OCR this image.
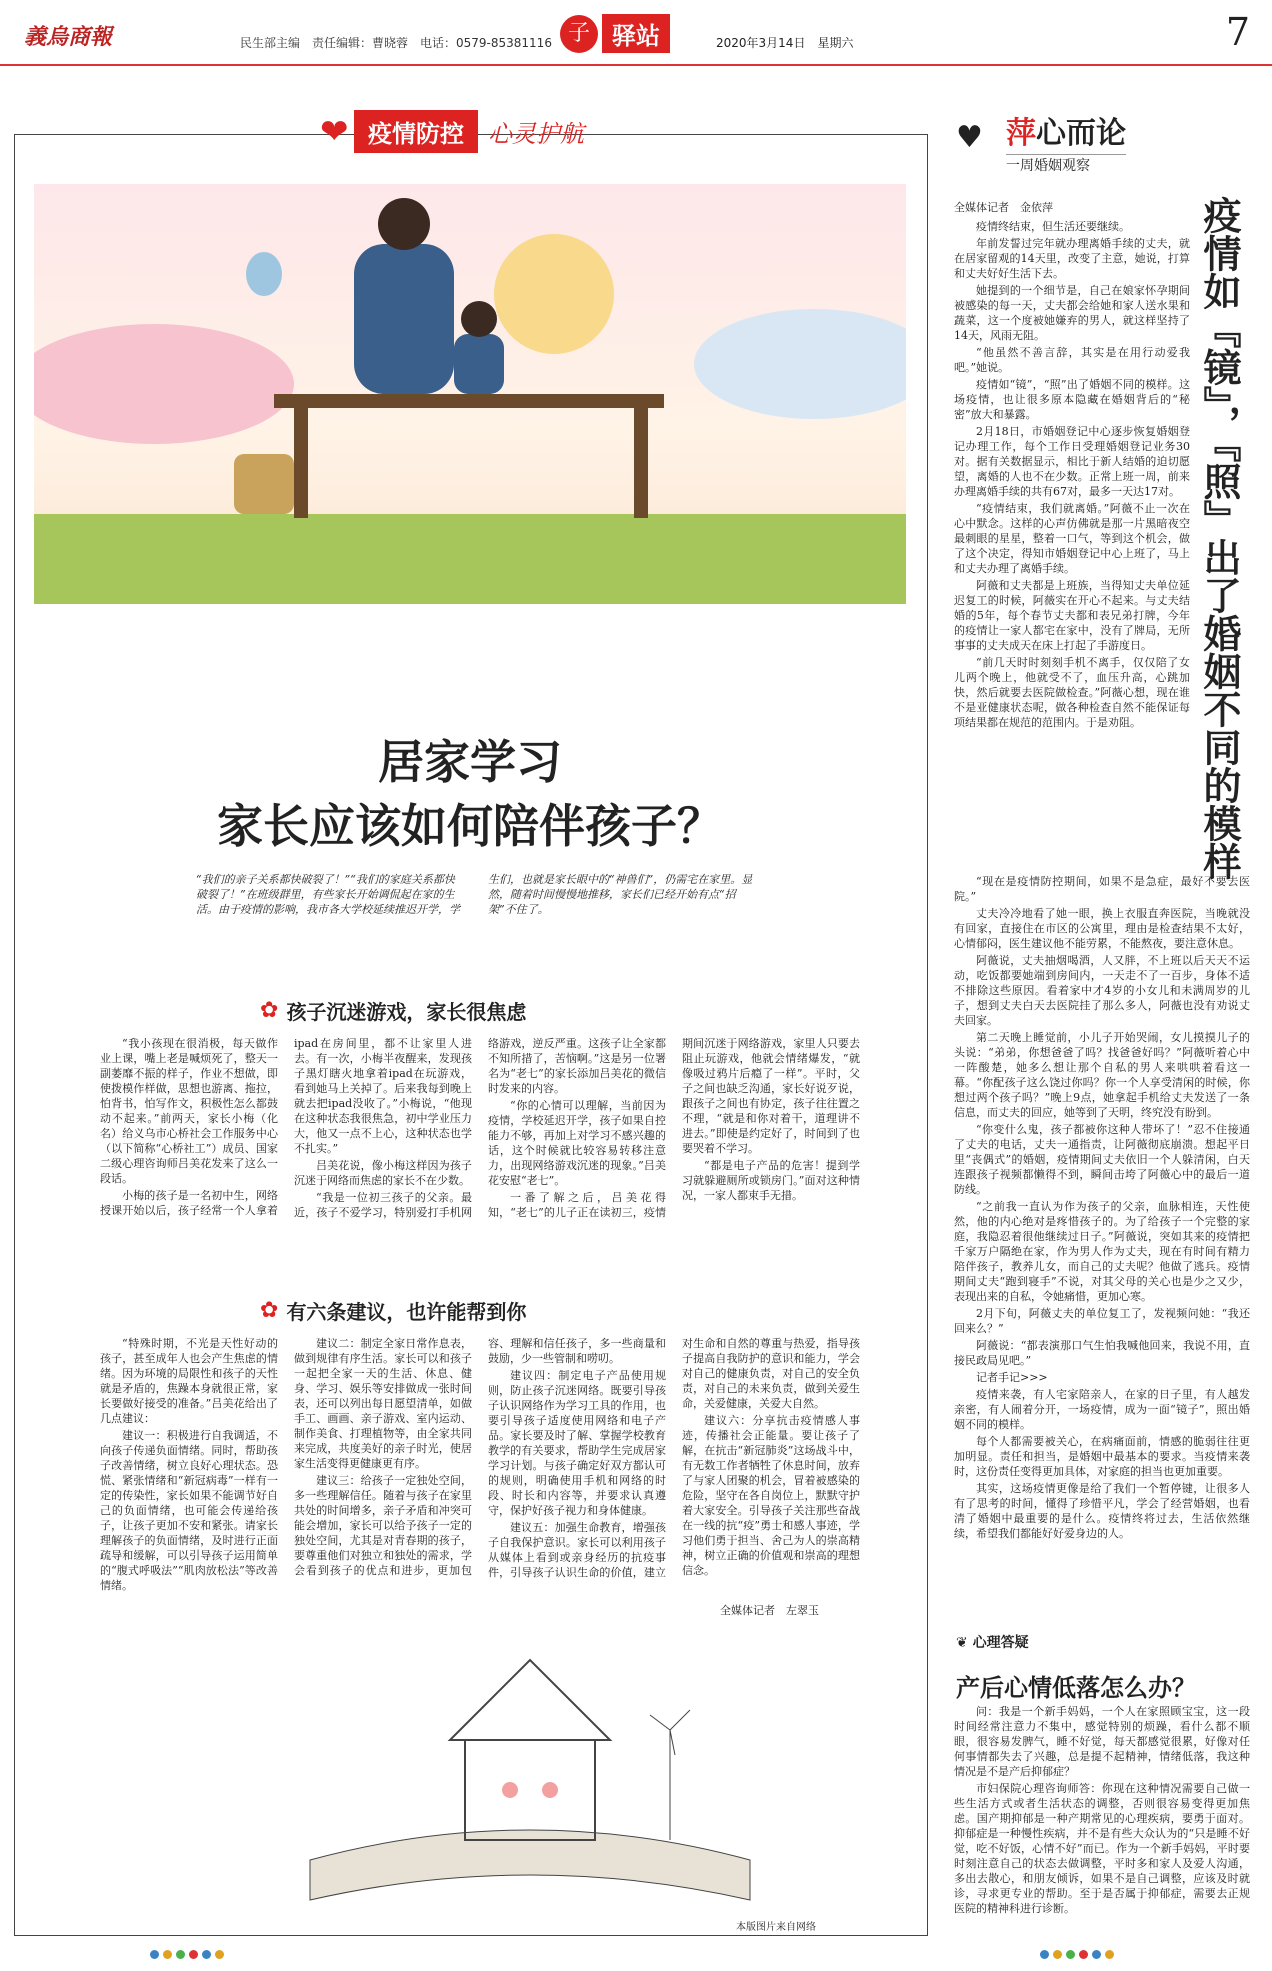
義烏商報	民生部主编　责任编辑：曹晓蓉　电话：0579-85381116 子 驿站	2020年3月14日　星期六	7
❤ 疫情防控	心灵护航
居家学习
家长应该如何陪伴孩子？
“我们的亲子关系都快破裂了！”“我们的家庭关系都快破裂了！”在班级群里，有些家长开始调侃起在家的生活。由于疫情的影响，我市各大学校延续推迟开学，学生们，也就是家长眼中的“神兽们”，仍需宅在家里。显然，随着时间慢慢地推移，家长们已经开始有点“招架”不住了。
✿ 孩子沉迷游戏，家长很焦虑

“我小孩现在很消极，每天做作业上课，嘴上老是喊烦死了，整天一副萎靡不振的样子，作业不想做，即使拨模作样做，思想也游离、拖拉，怕背书，怕写作文，积极性怎么都鼓动不起来。”前两天，家长小梅（化名）给义乌市心桥社会工作服务中心（以下简称“心桥社工”）成员、国家二级心理咨询师吕美花发来了这么一段话。

小梅的孩子是一名初中生，网络授课开始以后，孩子经常一个人拿着ipad在房间里，都不让家里人进去。有一次，小梅半夜醒来，发现孩子黑灯瞎火地拿着ipad在玩游戏，看到她马上关掉了。后来我每到晚上就去把ipad没收了。”小梅说，“他现在这种状态我很焦急，初中学业压力大，他又一点不上心，这种状态也学不扎实。”

吕美花说，像小梅这样因为孩子沉迷于网络而焦虑的家长不在少数。

“我是一位初三孩子的父亲。最近，孩子不爱学习，特别爱打手机网络游戏，逆反严重。这孩子让全家都不知所措了，苦恼啊。”这是另一位署名为“老七”的家长添加吕美花的微信时发来的内容。

“你的心情可以理解，当前因为疫情，学校延迟开学，孩子如果自控能力不够，再加上对学习不感兴趣的话，这个时候就比较容易转移注意力，出现网络游戏沉迷的现象。”吕美花安慰“老七”。

一番了解之后，吕美花得知，“老七”的儿子正在读初三，疫情期间沉迷于网络游戏，家里人只要去阻止玩游戏，他就会情绪爆发，“就像吸过鸦片后瘾了一样”。平时，父子之间也缺乏沟通，家长好说歹说，跟孩子之间也有协定，孩子往往置之不理，“就是和你对着干，道理讲不进去。”即使是约定好了，时间到了也要哭着不学习。

“都是电子产品的危害！提到学习就躲避厕所或锁房门。”面对这种情况，一家人都束手无措。

✿ 有六条建议，也许能帮到你

“特殊时期，不光是天性好动的孩子，甚至成年人也会产生焦虑的情绪。因为环境的局限性和孩子的天性就是矛盾的，焦躁本身就很正常，家长要做好接受的准备。”吕美花给出了几点建议：

建议一：积极进行自我调适，不向孩子传递负面情绪。同时，帮助孩子改善情绪，树立良好心理状态。恐慌、紧张情绪和“新冠病毒”一样有一定的传染性，家长如果不能调节好自己的负面情绪，也可能会传递给孩子，让孩子更加不安和紧张。请家长理解孩子的负面情绪，及时进行正面疏导和缓解，可以引导孩子运用简单的“腹式呼吸法”“肌肉放松法”等改善情绪。

建议二：制定全家日常作息表，做到规律有序生活。家长可以和孩子一起把全家一天的生活、休息、健身、学习、娱乐等安排做成一张时间表，还可以列出每日愿望清单，如做手工、画画、亲子游戏、室内运动、制作美食、打理植物等，由全家共同来完成，共度美好的亲子时光，使居家生活变得更健康更有序。

建议三：给孩子一定独处空间，多一些理解信任。随着与孩子在家里共处的时间增多，亲子矛盾和冲突可能会增加，家长可以给予孩子一定的独处空间，尤其是对青春期的孩子，要尊重他们对独立和独处的需求，学会看到孩子的优点和进步，更加包容、理解和信任孩子，多一些商量和鼓励，少一些管制和唠叨。

建议四：制定电子产品使用规则，防止孩子沉迷网络。既要引导孩子认识网络作为学习工具的作用，也要引导孩子适度使用网络和电子产品。家长要及时了解、掌握学校教育教学的有关要求，帮助学生完成居家学习计划。与孩子确定好双方都认可的规则，明确使用手机和网络的时段、时长和内容等，并要求认真遵守，保护好孩子视力和身体健康。

建议五：加强生命教育，增强孩子自我保护意识。家长可以利用孩子从媒体上看到或亲身经历的抗疫事件，引导孩子认识生命的价值，建立对生命和自然的尊重与热爱，指导孩子提高自我防护的意识和能力，学会对自己的健康负责，对自己的安全负责，对自己的未来负责，做到关爱生命，关爱健康，关爱大自然。

建议六：分享抗击疫情感人事迹，传播社会正能量。要让孩子了解，在抗击“新冠肺炎”这场战斗中，有无数工作者牺牲了休息时间，放弃了与家人团聚的机会，冒着被感染的危险，坚守在各自岗位上，默默守护着大家安全。引导孩子关注那些奋战在一线的抗“疫”勇士和感人事迹，学习他们勇于担当、舍己为人的崇高精神，树立正确的价值观和崇高的理想信念。

全媒体记者　左翠玉
本版图片来自网络
♥ 萍心而论
一周婚姻观察
疫情如『镜』，『照』出了婚姻不同的模样
全媒体记者　金依萍

疫情终结束，但生活还要继续。

年前发誓过完年就办理离婚手续的丈夫，就在居家留观的14天里，改变了主意，她说，打算和丈夫好好生活下去。

她提到的一个细节是，自己在娘家怀孕期间被感染的每一天，丈夫都会给她和家人送水果和蔬菜，这一个度被她嫌弃的男人，就这样坚持了14天，风雨无阻。

“他虽然不善言辞，其实是在用行动爱我吧。”她说。

疫情如“镜”，“照”出了婚姻不同的模样。这场疫情，也让很多原本隐藏在婚姻背后的“秘密”放大和暴露。

2月18日，市婚姻登记中心逐步恢复婚姻登记办理工作，每个工作日受理婚姻登记业务30对。据有关数据显示，相比于新人结婚的迫切愿望，离婚的人也不在少数。正常上班一周，前来办理离婚手续的共有67对，最多一天达17对。

“疫情结束，我们就离婚。”阿薇不止一次在心中默念。这样的心声仿佛就是那一片黑暗夜空最刺眼的星星，整着一口气，等到这个机会，做了这个决定，得知市婚姻登记中心上班了，马上和丈夫办理了离婚手续。

阿薇和丈夫都是上班族，当得知丈夫单位延迟复工的时候，阿薇实在开心不起来。与丈夫结婚的5年，每个春节丈夫都和表兄弟打牌，今年的疫情让一家人都宅在家中，没有了牌局，无所事事的丈夫成天在床上打起了手游度日。

“前几天时时刻刻手机不离手，仅仅陪了女儿两个晚上，他就受不了，血压升高，心跳加快，然后就要去医院做检查。”阿薇心想，现在谁不是亚健康状态呢，做各种检查自然不能保证每项结果都在规范的范围内。于是劝阻。

“现在是疫情防控期间，如果不是急症，最好不要去医院。”

丈夫冷冷地看了她一眼，换上衣服直奔医院，当晚就没有回家，直接住在市区的公寓里，理由是检查结果不太好，心情郁闷，医生建议他不能劳累，不能熬夜，要注意休息。

阿薇说，丈夫抽烟喝酒，人又胖，不上班以后天天不运动，吃饭都要她端到房间内，一天走不了一百步，身体不适不排除这些原因。看着家中才4岁的小女儿和未满周岁的儿子，想到丈夫白天去医院挂了那么多人，阿薇也没有劝说丈夫回家。

第二天晚上睡觉前，小儿子开始哭闹，女儿摸摸儿子的头说：“弟弟，你想爸爸了吗？找爸爸好吗？”阿薇听着心中一阵酸楚，她多么想让那个自私的男人来哄哄着看这一幕。“你配孩子这么饶过你吗？你一个人享受清闲的时候，你想过两个孩子吗？”晚上9点，她拿起手机给丈夫发送了一条信息，而丈夫的回应，她等到了天明，终究没有盼到。

“你变什么鬼，孩子都被你这种人带坏了！”忍不住接通了丈夫的电话，丈夫一通指责，让阿薇彻底崩溃。想起平日里“丧偶式”的婚姻，疫情期间丈夫依旧一个人躲清闲，白天连跟孩子视频都懒得不到，瞬间击垮了阿薇心中的最后一道防线。

“之前我一直认为作为孩子的父亲，血脉相连，天性使然，他的内心绝对是疼惜孩子的。为了给孩子一个完整的家庭，我隐忍着很他继续过日子。”阿薇说，突如其来的疫情把千家万户隔绝在家，作为男人作为丈夫，现在有时间有精力陪伴孩子，教养儿女，而自己的丈夫呢？他做了逃兵。疫情期间丈夫“跑到寝手”不说，对其父母的关心也是少之又少，表现出来的自私，令她痛惜，更加心寒。

2月下旬，阿薇丈夫的单位复工了，发视频问她：“我还回来么？”

阿薇说：“都表演那口气生怕我喊他回来，我说不用，直接民政局见吧。”

记者手记>>>

疫情来袭，有人宅家陪亲人，在家的日子里，有人越发亲密，有人闹着分开，一场疫情，成为一面“镜子”，照出婚姻不同的模样。

每个人都需要被关心，在病痛面前，情感的脆弱往往更加明显。责任和担当，是婚姻中最基本的要求。当疫情来袭时，这份责任变得更加具体，对家庭的担当也更加重要。

其实，这场疫情更像是给了我们一个暂停键，让很多人有了思考的时间，懂得了珍惜平凡，学会了经营婚姻，也看清了婚姻中最重要的是什么。疫情终将过去，生活依然继续，希望我们都能好好爱身边的人。

❦ 心理答疑
产后心情低落怎么办？

问：我是一个新手妈妈，一个人在家照顾宝宝，这一段时间经常注意力不集中，感觉特别的烦躁，看什么都不顺眼，很容易发脾气，睡不好觉，每天都感觉很累，好像对任何事情都失去了兴趣，总是提不起精神，情绪低落，我这种情况是不是产后抑郁症？

市妇保院心理咨询师答：你现在这种情况需要自己做一些生活方式或者生活状态的调整，否则很容易变得更加焦虑。国产期抑郁是一种产期常见的心理疾病，要勇于面对。抑郁症是一种慢性疾病，并不是有些大众认为的“只是睡不好觉，吃不好饭，心情不好”而已。作为一个新手妈妈，平时要时刻注意自己的状态去做调整，平时多和家人及爱人沟通，多出去散心，和朋友倾诉，如果不是自己调整，应该及时就诊，寻求更专业的帮助。至于是否属于抑郁症，需要去正规医院的精神科进行诊断。
